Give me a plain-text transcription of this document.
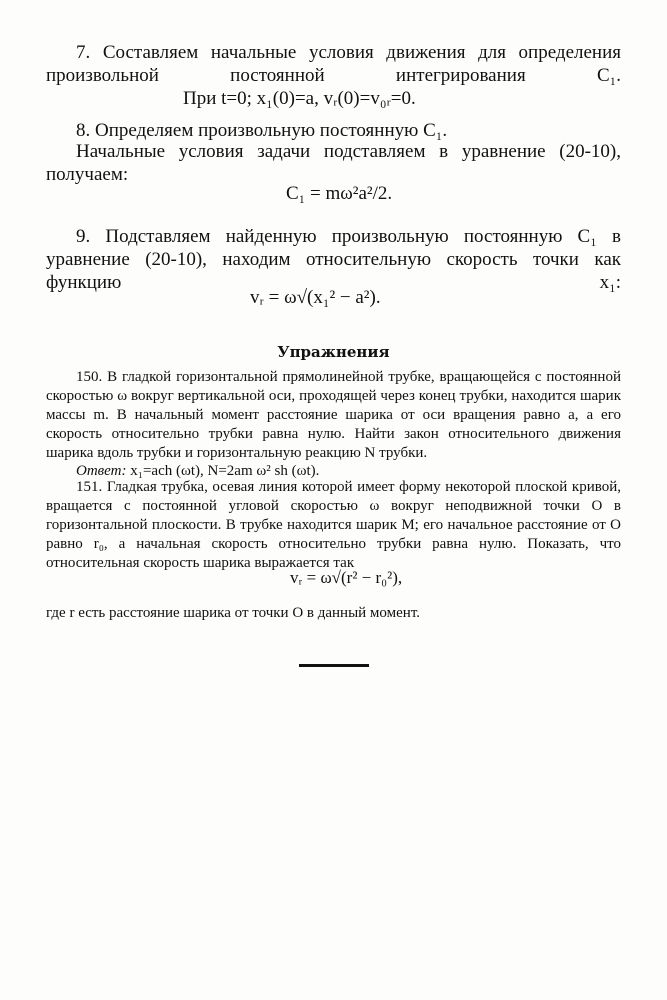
7. Составляем начальные условия движения для определения произвольной постоянной интегрирования C₁.
При t=0; x₁(0)=a, vᵣ(0)=v₀ᵣ=0.
8. Определяем произвольную постоянную C₁.
Начальные условия задачи подставляем в уравнение (20-10), получаем:
C₁ = mω²a²/2.
9. Подставляем найденную произвольную постоянную C₁ в уравнение (20-10), находим относительную скорость точки как функцию x₁:
vᵣ = ω√(x₁² − a²).
Упражнения
150. В гладкой горизонтальной прямолинейной трубке, вращающейся с постоянной скоростью ω вокруг вертикальной оси, проходящей через конец трубки, находится шарик массы m. В начальный момент расстояние шарика от оси вращения равно a, а его скорость относительно трубки равна нулю. Найти закон относительного движения шарика вдоль трубки и горизонтальную реакцию N трубки.
Ответ: x₁=ach (ωt), N=2am ω² sh (ωt).
151. Гладкая трубка, осевая линия которой имеет форму некоторой плоской кривой, вращается с постоянной угловой скоростью ω вокруг неподвижной точки O в горизонтальной плоскости. В трубке находится шарик M; его начальное расстояние от O равно r₀, а начальная скорость относительно трубки равна нулю. Показать, что относительная скорость шарика выражается так
vᵣ = ω√(r² − r₀²),
где r есть расстояние шарика от точки O в данный момент.
